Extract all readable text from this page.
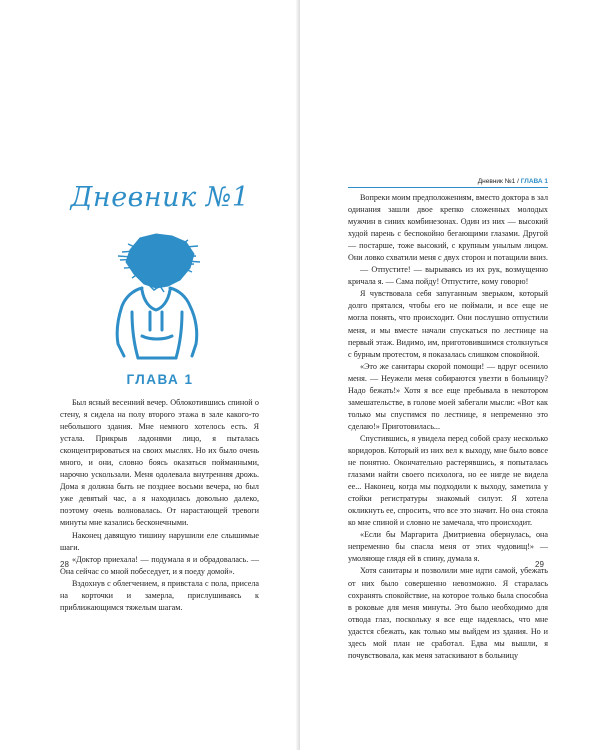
Дневник №1
ГЛАВА 1

Был ясный весенний вечер. Облокотившись спиной о стену, я сидела на полу второго этажа в зале какого-то небольшого здания. Мне немного хотелось есть. Я устала. Прикрыв ладонями лицо, я пыталась сконцентрироваться на своих мыслях. Но их было очень много, и они, словно боясь оказаться пойманными, нарочно ускользали. Меня одолевала внутренняя дрожь. Дома я должна быть не позднее восьми вечера, но был уже девятый час, а я находилась довольно далеко, поэтому очень волновалась. От нарастающей тревоги минуты мне казались бесконечными.

Наконец давящую тишину нарушили еле слышимые шаги.

«Доктор приехала! — подумала я и обрадовалась. — Она сейчас со мной побеседует, и я поеду домой».

Вздохнув с облегчением, я привстала с пола, присела на корточки и замерла, прислушиваясь к приближающимся тяжелым шагам.

28
Дневник №1 / ГЛАВА 1

Вопреки моим предположениям, вместо доктора в зал одинания зашли двое крепко сложенных молодых мужчин в синих комбинезонах. Один из них — высокий худой парень с беспокойно бегающими глазами. Другой — постарше, тоже высокий, с крупным унылым лицом. Они ловко схватили меня с двух сторон и потащили вниз.

— Отпустите! — вырываясь из их рук, возмущенно кричала я. — Сама пойду! Отпустите, кому говорю!

Я чувствовала себя запуганным зверьком, который долго прятался, чтобы его не поймали, и все еще не могла понять, что происходит. Они послушно отпустили меня, и мы вместе начали спускаться по лестнице на первый этаж. Видимо, им, приготовившимся столкнуться с бурным протестом, я показалась слишком спокойной.

«Это же санитары скорой помощи! — вдруг осенило меня. — Неужели меня собираются увезти в больницу? Надо бежать!» Хотя я все еще пребывала в некотором замешательстве, в голове моей забегали мысли: «Вот как только мы спустимся по лестнице, я непременно это сделаю!» Приготовилась...

Спустившись, я увидела перед собой сразу несколько коридоров. Который из них вел к выходу, мне было вовсе не понятно. Окончательно растерявшись, я попыталась глазами найти своего психолога, но ее нигде не видела ее... Наконец, когда мы подходили к выходу, заметила у стойки регистратуры знакомый силуэт. Я хотела окликнуть ее, спросить, что все это значит. Но она стояла ко мне спиной и словно не замечала, что происходит.

«Если бы Маргарита Дмитриевна обернулась, она непременно бы спасла меня от этих чудовищ!» — умоляюще глядя ей в спину, думала я.

Хотя санитары и позволили мне идти самой, убежать от них было совершенно невозможно. Я старалась сохранять спокойствие, на которое только была способна в роковые для меня минуты. Это было необходимо для отвода глаз, поскольку я все еще надеялась, что мне удастся сбежать, как только мы выйдем из здания. Но и здесь мой план не сработал. Едва мы вышли, я почувствовала, как меня затаскивают в больницу

29
